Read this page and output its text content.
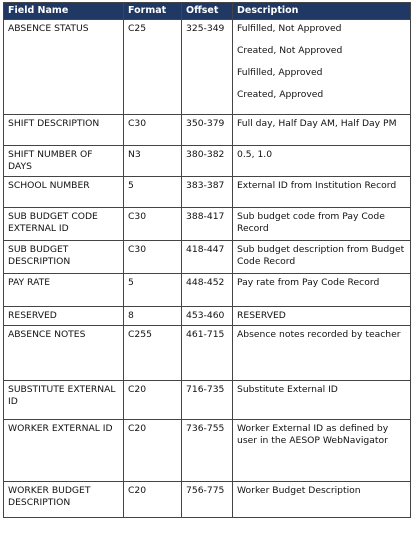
Field Name	Format	Offset	Description
ABSENCE STATUS	C25	325-349	Fulfilled, Not Approved
Created, Not Approved
Fulfilled, Approved
Created, Approved

SHIFT DESCRIPTION	C30	350-379	Full day, Half Day AM, Half Day PM
SHIFT NUMBER OF DAYS	N3	380-382	0.5, 1.0
SCHOOL NUMBER	5	383-387	External ID from Institution Record
SUB BUDGET CODE EXTERNAL ID	C30	388-417	Sub budget code from Pay Code Record
SUB BUDGET DESCRIPTION	C30	418-447	Sub budget description from Budget Code Record
PAY RATE	5	448-452	Pay rate from Pay Code Record
RESERVED	8	453-460	RESERVED
ABSENCE NOTES	C255	461-715	Absence notes recorded by teacher
SUBSTITUTE EXTERNAL ID	C20	716-735	Substitute External ID
WORKER EXTERNAL ID	C20	736-755	Worker External ID as defined by user in the AESOP WebNavigator
WORKER BUDGET DESCRIPTION	C20	756-775	Worker Budget Description
